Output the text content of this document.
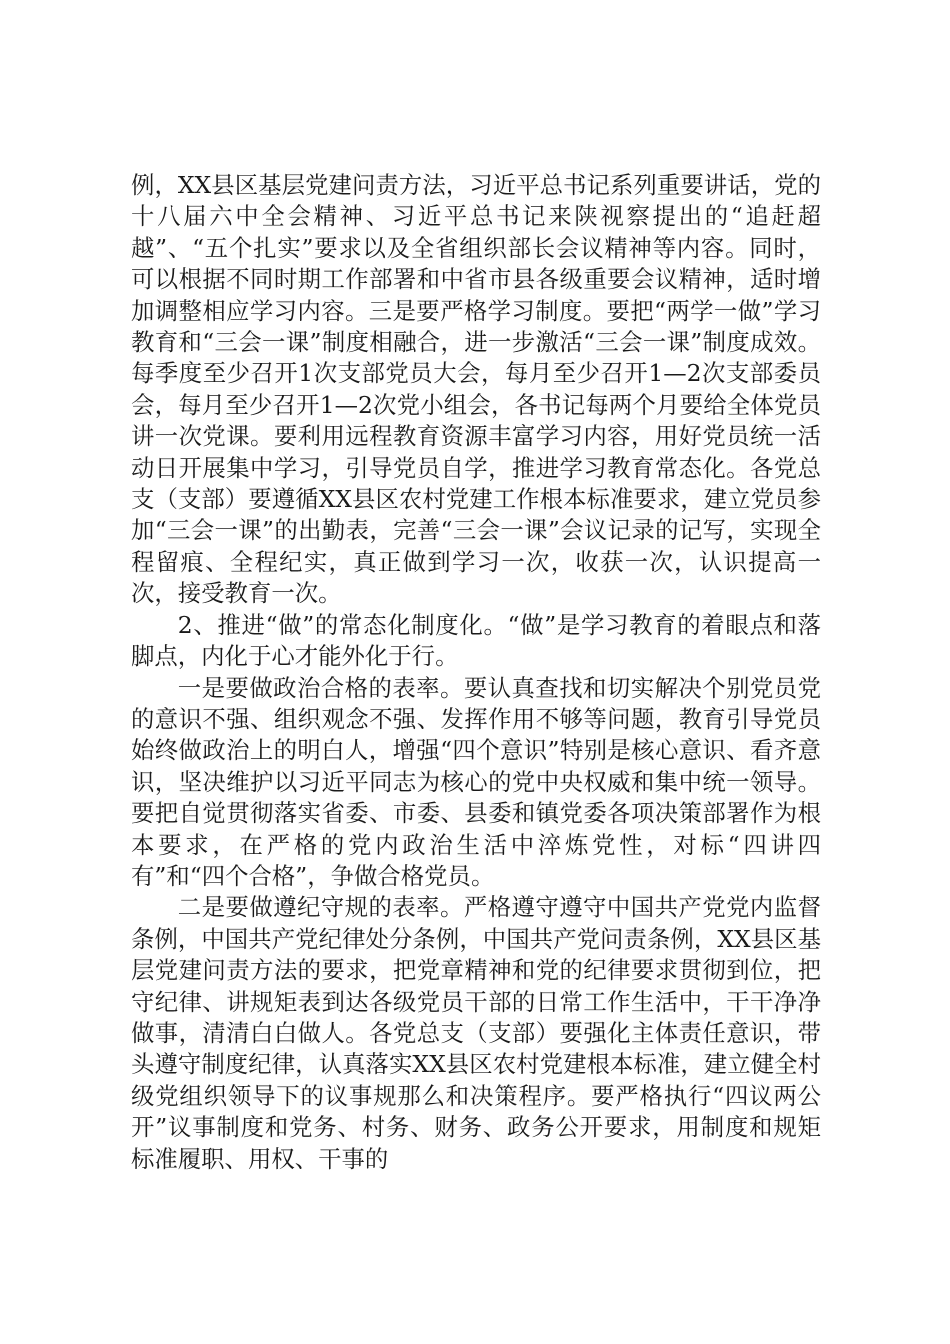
例，XX县区基层党建问责方法，习近平总书记系列重要讲话，党的十八届六中全会精神、习近平总书记来陕视察提出的“追赶超越”、“五个扎实”要求以及全省组织部长会议精神等内容。同时，可以根据不同时期工作部署和中省市县各级重要会议精神，适时增加调整相应学习内容。三是要严格学习制度。要把“两学一做”学习教育和“三会一课”制度相融合，进一步激活“三会一课”制度成效。每季度至少召开1次支部党员大会，每月至少召开1—2次支部委员会，每月至少召开1—2次党小组会，各书记每两个月要给全体党员讲一次党课。要利用远程教育资源丰富学习内容，用好党员统一活动日开展集中学习，引导党员自学，推进学习教育常态化。各党总支（支部）要遵循XX县区农村党建工作根本标准要求，建立党员参加“三会一课”的出勤表，完善“三会一课”会议记录的记写，实现全程留痕、全程纪实，真正做到学习一次，收获一次，认识提高一次，接受教育一次。

2、推进“做”的常态化制度化。“做”是学习教育的着眼点和落脚点，内化于心才能外化于行。

一是要做政治合格的表率。要认真查找和切实解决个别党员党的意识不强、组织观念不强、发挥作用不够等问题，教育引导党员始终做政治上的明白人，增强“四个意识”特别是核心意识、看齐意识，坚决维护以习近平同志为核心的党中央权威和集中统一领导。要把自觉贯彻落实省委、市委、县委和镇党委各项决策部署作为根本要求，在严格的党内政治生活中淬炼党性，对标“四讲四有”和“四个合格”，争做合格党员。

二是要做遵纪守规的表率。严格遵守遵守中国共产党党内监督条例，中国共产党纪律处分条例，中国共产党问责条例，XX县区基层党建问责方法的要求，把党章精神和党的纪律要求贯彻到位，把守纪律、讲规矩表到达各级党员干部的日常工作生活中，干干净净做事，清清白白做人。各党总支（支部）要强化主体责任意识，带头遵守制度纪律，认真落实XX县区农村党建根本标准，建立健全村级党组织领导下的议事规那么和决策程序。要严格执行“四议两公开”议事制度和党务、村务、财务、政务公开要求，用制度和规矩标准履职、用权、干事的
